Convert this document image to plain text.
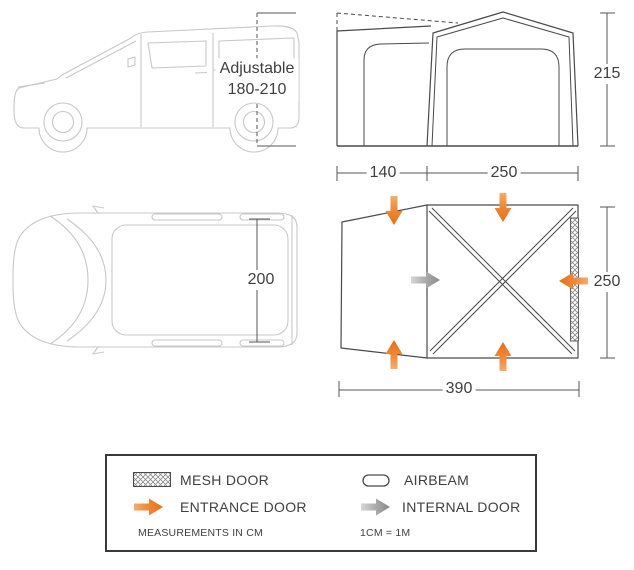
Adjustable
180-210
140	250
215
200	250
390
MESH DOOR	AIRBEAM
ENTRANCE DOOR	INTERNAL DOOR
MEASUREMENTS IN CM	1CM = 1M
